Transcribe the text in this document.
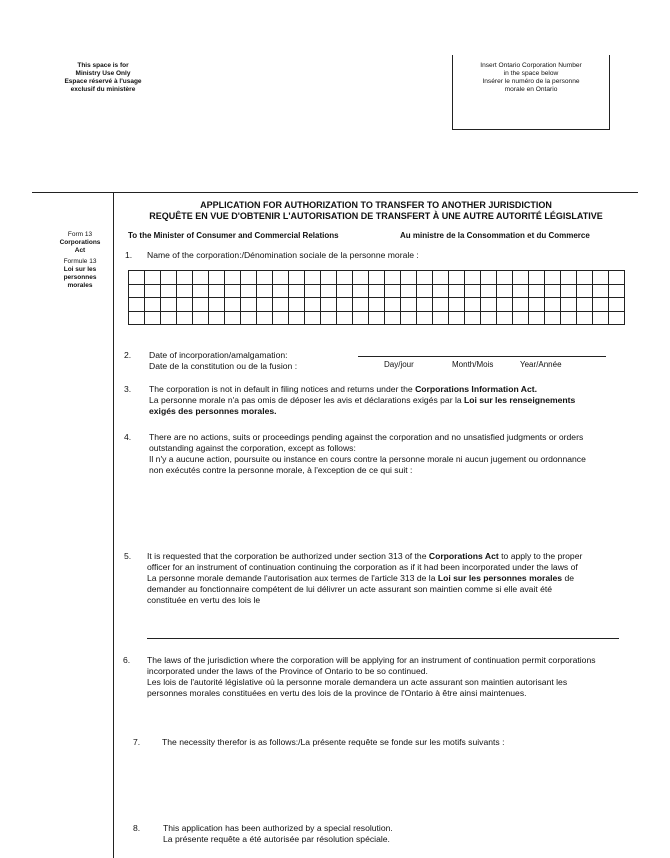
This space is for
Ministry Use Only
Espace réservé à l'usage
exclusif du ministère
Insert Ontario Corporation Number
in the space below
Insérer le numéro de la personne
morale en Ontario
APPLICATION FOR AUTHORIZATION TO TRANSFER TO ANOTHER JURISDICTION
REQUÊTE EN VUE D'OBTENIR L'AUTORISATION DE TRANSFERT À UNE AUTRE AUTORITÉ LÉGISLATIVE
To the Minister of Consumer and Commercial Relations	Au ministre de la Consommation et du Commerce
Form 13
Corporations
Act
Formule 13
Loi sur les
personnes
morales
1. Name of the corporation:/Dénomination sociale de la personne morale :

2. Date of incorporation/amalgamation:
Date de la constitution ou de la fusion :	Day/jour	Month/Mois	Year/Année
3. The corporation is not in default in filing notices and returns under the Corporations Information Act.
La personne morale n'a pas omis de déposer les avis et déclarations exigés par la Loi sur les renseignements
exigés des personnes morales.
4. There are no actions, suits or proceedings pending against the corporation and no unsatisfied judgments or orders
outstanding against the corporation, except as follows:
Il n'y a aucune action, poursuite ou instance en cours contre la personne morale ni aucun jugement ou ordonnance
non exécutés contre la personne morale, à l'exception de ce qui suit :
5. It is requested that the corporation be authorized under section 313 of the Corporations Act to apply to the proper
officer for an instrument of continuation continuing the corporation as if it had been incorporated under the laws of
La personne morale demande l'autorisation aux termes de l'article 313 de la Loi sur les personnes morales de
demander au fonctionnaire compétent de lui délivrer un acte assurant son maintien comme si elle avait été
constituée en vertu des lois le
6. The laws of the jurisdiction where the corporation will be applying for an instrument of continuation permit corporations
incorporated under the laws of the Province of Ontario to be so continued.
Les lois de l'autorité législative où la personne morale demandera un acte assurant son maintien autorisant les
personnes morales constituées en vertu des lois de la province de l'Ontario à être ainsi maintenues.
7.	The necessity therefor is as follows:/La présente requête se fonde sur les motifs suivants :
8.	This application has been authorized by a special resolution.
La présente requête a été autorisée par résolution spéciale.
